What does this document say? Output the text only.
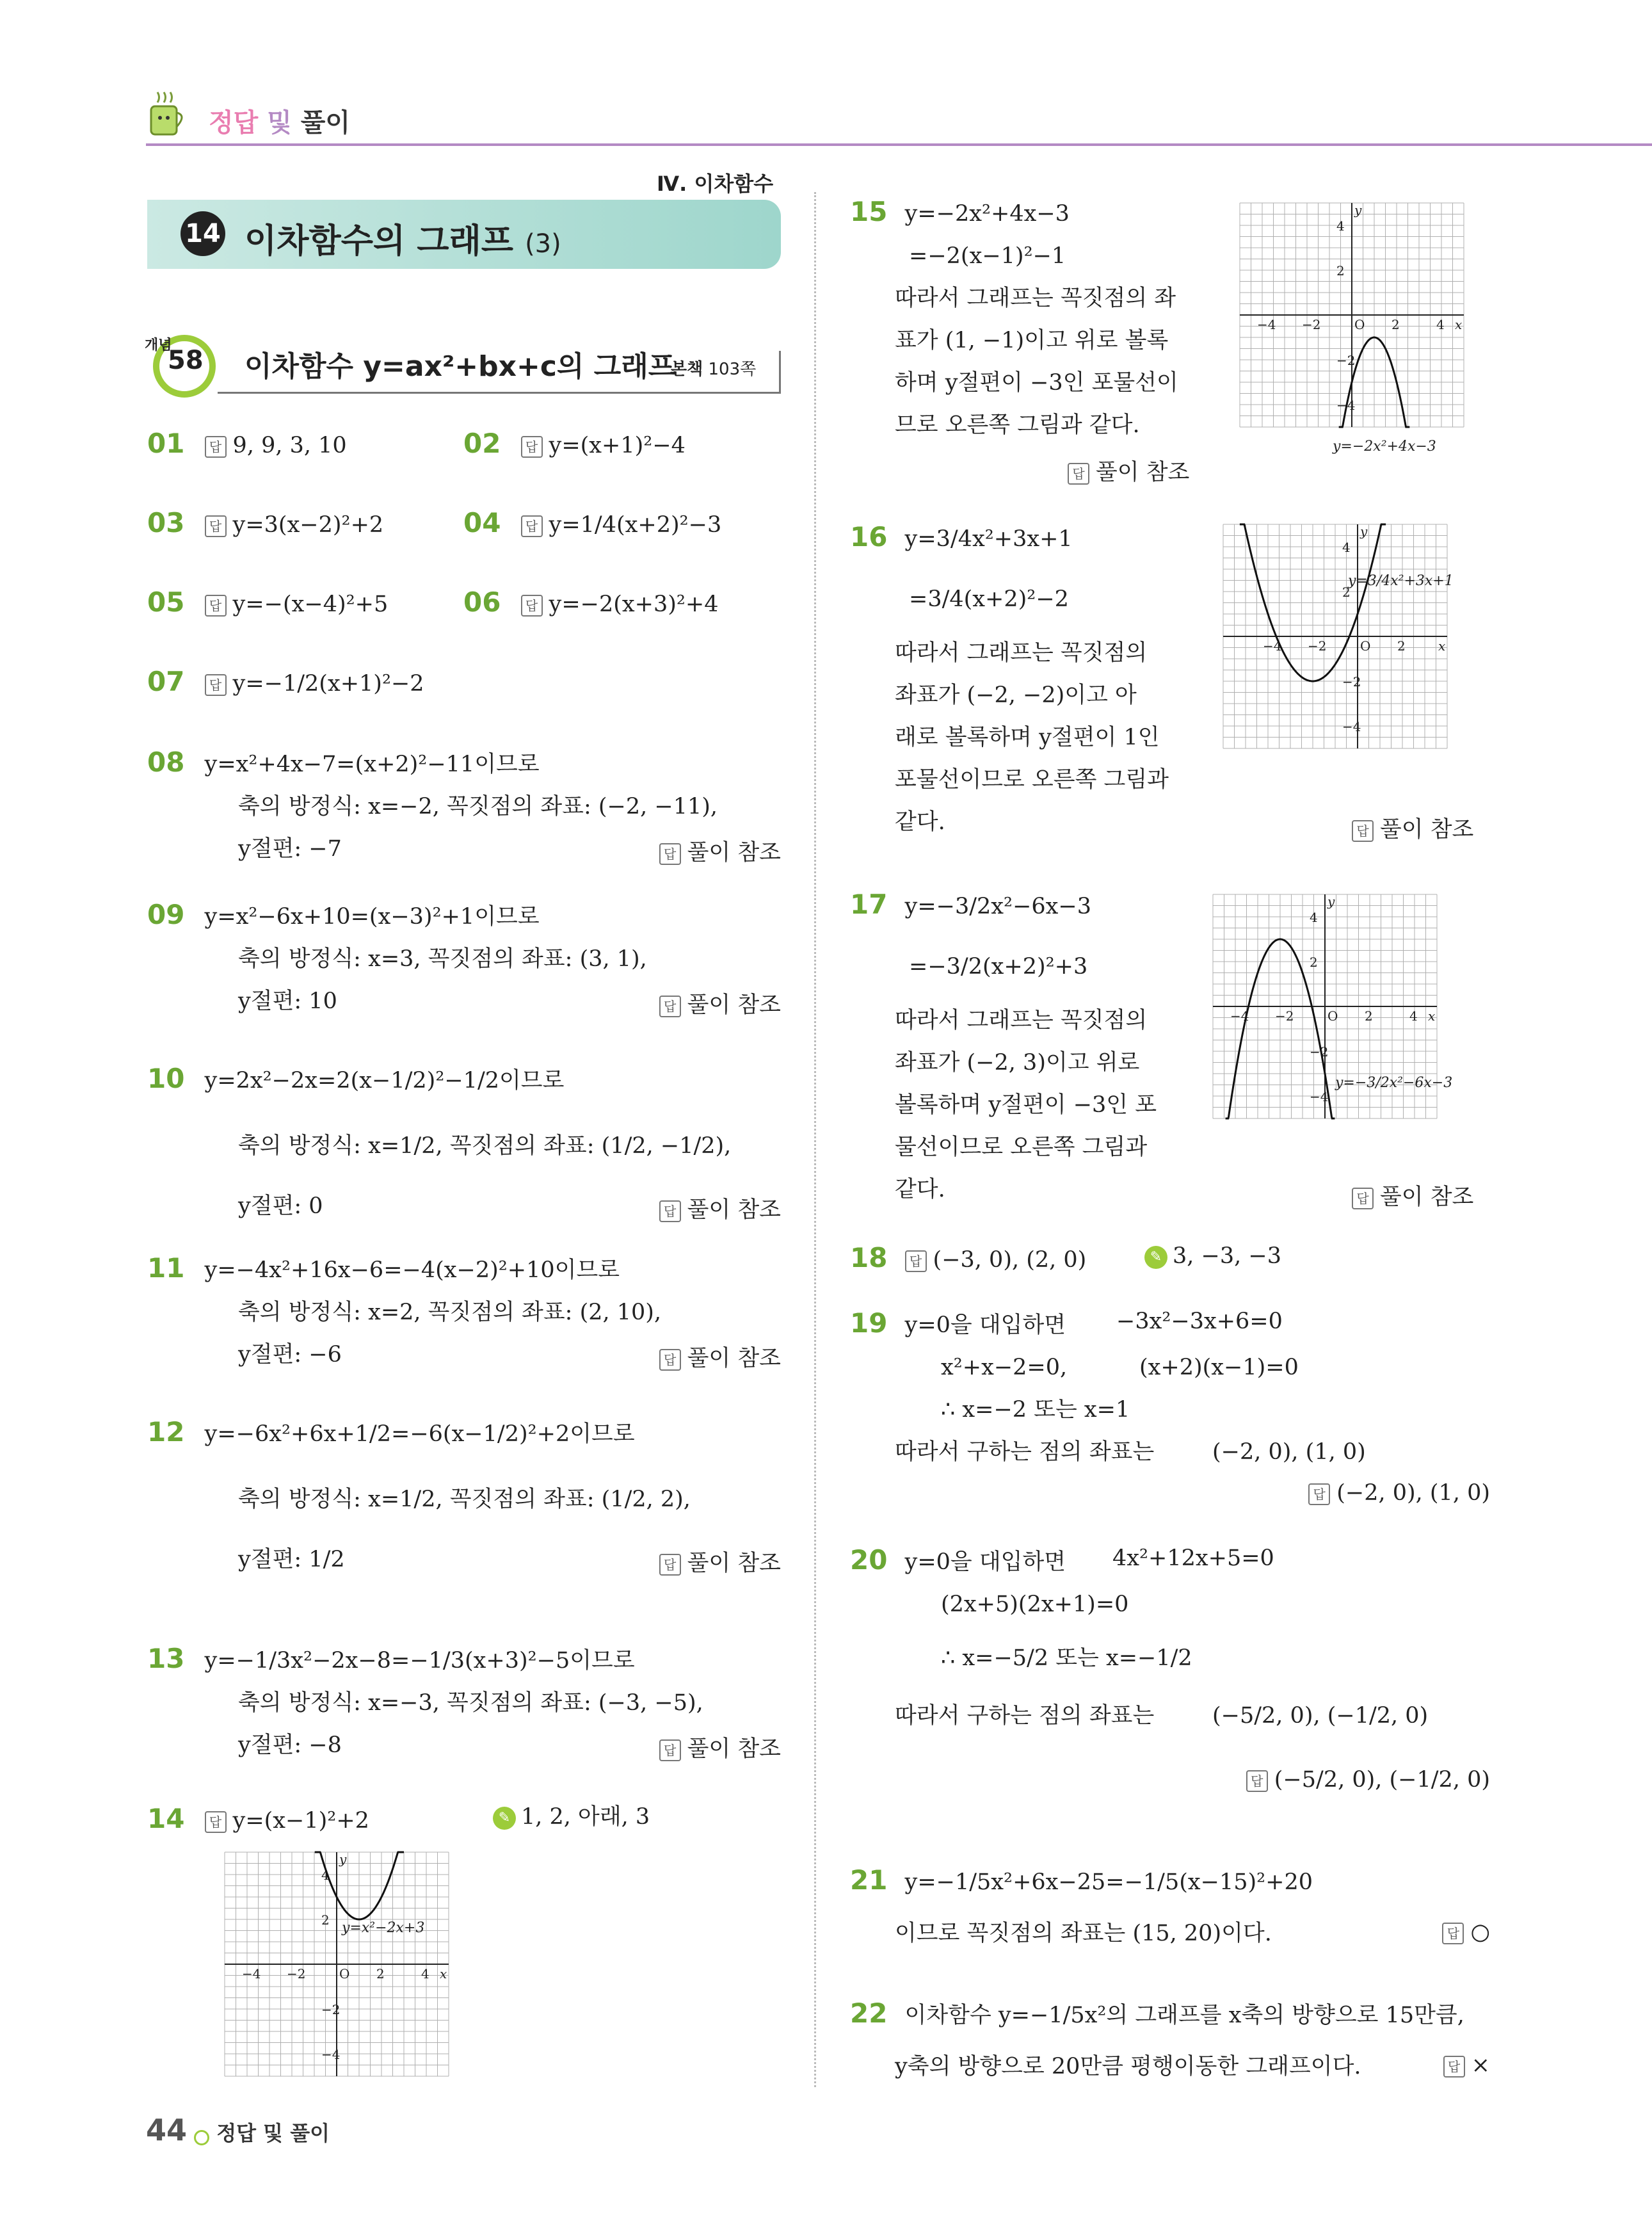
정답 및 풀이
Ⅳ. 이차함수
14 이차함수의 그래프 (3)
개념
58 이차함수 y=ax²+bx+c의 그래프
본책 103쪽
01 답 9, 9, 3, 10	02 답 y=(x+1)²−4
03 답 y=3(x−2)²+2	04 답 y=1/4(x+2)²−3
05 답 y=−(x−4)²+5	06 답 y=−2(x+3)²+4
07 답 y=−1/2(x+1)²−2
08 y=x²+4x−7=(x+2)²−11이므로
축의 방정식: x=−2, 꼭짓점의 좌표: (−2, −11),
y절편: −7	답 풀이 참조
09 y=x²−6x+10=(x−3)²+1이므로
축의 방정식: x=3, 꼭짓점의 좌표: (3, 1),
y절편: 10	답 풀이 참조
10 y=2x²−2x=2(x−1/2)²−1/2이므로
축의 방정식: x=1/2, 꼭짓점의 좌표: (1/2, −1/2),
y절편: 0	답 풀이 참조
11 y=−4x²+16x−6=−4(x−2)²+10이므로
축의 방정식: x=2, 꼭짓점의 좌표: (2, 10),
y절편: −6	답 풀이 참조
12 y=−6x²+6x+1/2=−6(x−1/2)²+2이므로
축의 방정식: x=1/2, 꼭짓점의 좌표: (1/2, 2),
y절편: 1/2	답 풀이 참조
13 y=−1/3x²−2x−8=−1/3(x+3)²−5이므로
축의 방정식: x=−3, 꼭짓점의 좌표: (−3, −5),
y절편: −8	답 풀이 참조
14 답 y=(x−1)²+2	✎ 1, 2, 아래, 3
−4
−4
−2
−2
2
2
4
4
O	x
y
y=x²−2x+3
15 y=−2x²+4x−3
=−2(x−1)²−1
따라서 그래프는 꼭짓점의 좌
표가 (1, −1)이고 위로 볼록
하며 y절편이 −3인 포물선이
므로 오른쪽 그림과 같다.
답 풀이 참조
−4
−4
−2
−2
2
2
4
4
O	x
y
y=−2x²+4x−3
16 y=3/4x²+3x+1
=3/4(x+2)²−2
따라서 그래프는 꼭짓점의
좌표가 (−2, −2)이고 아
래로 볼록하며 y절편이 1인
포물선이므로 오른쪽 그림과
같다.	답 풀이 참조
−4
−4
−2
−2
2
2
4
O	x
y
y=3/4x²+3x+1
17 y=−3/2x²−6x−3
=−3/2(x+2)²+3
따라서 그래프는 꼭짓점의
좌표가 (−2, 3)이고 위로
볼록하며 y절편이 −3인 포
물선이므로 오른쪽 그림과
같다.	답 풀이 참조
−4
−4
−2
−2
2
2
4
4
O	x
y
y=−3/2x²−6x−3
18 답 (−3, 0), (2, 0)	✎ 3, −3, −3
19 y=0을 대입하면 −3x²−3x+6=0
x²+x−2=0,	(x+2)(x−1)=0
∴ x=−2 또는 x=1
따라서 구하는 점의 좌표는	(−2, 0), (1, 0)
답 (−2, 0), (1, 0)
20 y=0을 대입하면 4x²+12x+5=0
(2x+5)(2x+1)=0
∴ x=−5/2 또는 x=−1/2
따라서 구하는 점의 좌표는	(−5/2, 0), (−1/2, 0)
답 (−5/2, 0), (−1/2, 0)
21 y=−1/5x²+6x−25=−1/5(x−15)²+20
이므로 꼭짓점의 좌표는 (15, 20)이다.	답 ○
22 이차함수 y=−1/5x²의 그래프를 x축의 방향으로 15만큼,
y축의 방향으로 20만큼 평행이동한 그래프이다.	답 ×
44 정답 및 풀이
